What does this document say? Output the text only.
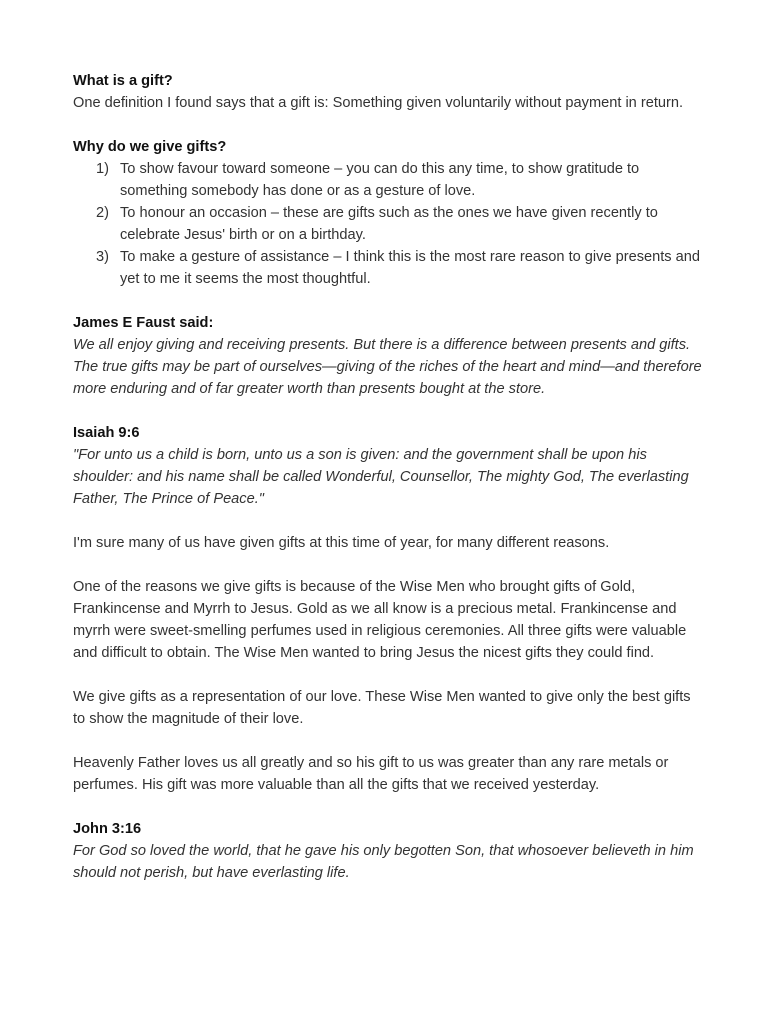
What is a gift?

One definition I found says that a gift is: Something given voluntarily without payment in return.

Why do we give gifts?
1) To show favour toward someone – you can do this any time, to show gratitude to something somebody has done or as a gesture of love.
2) To honour an occasion – these are gifts such as the ones we have given recently to celebrate Jesus' birth or on a birthday.
3) To make a gesture of assistance – I think this is the most rare reason to give presents and yet to me it seems the most thoughtful.
James E Faust said:

We all enjoy giving and receiving presents. But there is a difference between presents and gifts. The true gifts may be part of ourselves—giving of the riches of the heart and mind—and therefore more enduring and of far greater worth than presents bought at the store.

Isaiah 9:6

"For unto us a child is born, unto us a son is given: and the government shall be upon his shoulder: and his name shall be called Wonderful, Counsellor, The mighty God, The everlasting Father, The Prince of Peace."

I'm sure many of us have given gifts at this time of year, for many different reasons.

One of the reasons we give gifts is because of the Wise Men who brought gifts of Gold, Frankincense and Myrrh to Jesus. Gold as we all know is a precious metal. Frankincense and myrrh were sweet-smelling perfumes used in religious ceremonies. All three gifts were valuable and difficult to obtain. The Wise Men wanted to bring Jesus the nicest gifts they could find.

We give gifts as a representation of our love. These Wise Men wanted to give only the best gifts to show the magnitude of their love.

Heavenly Father loves us all greatly and so his gift to us was greater than any rare metals or perfumes. His gift was more valuable than all the gifts that we received yesterday.

John 3:16

For God so loved the world, that he gave his only begotten Son, that whosoever believeth in him should not perish, but have everlasting life.
